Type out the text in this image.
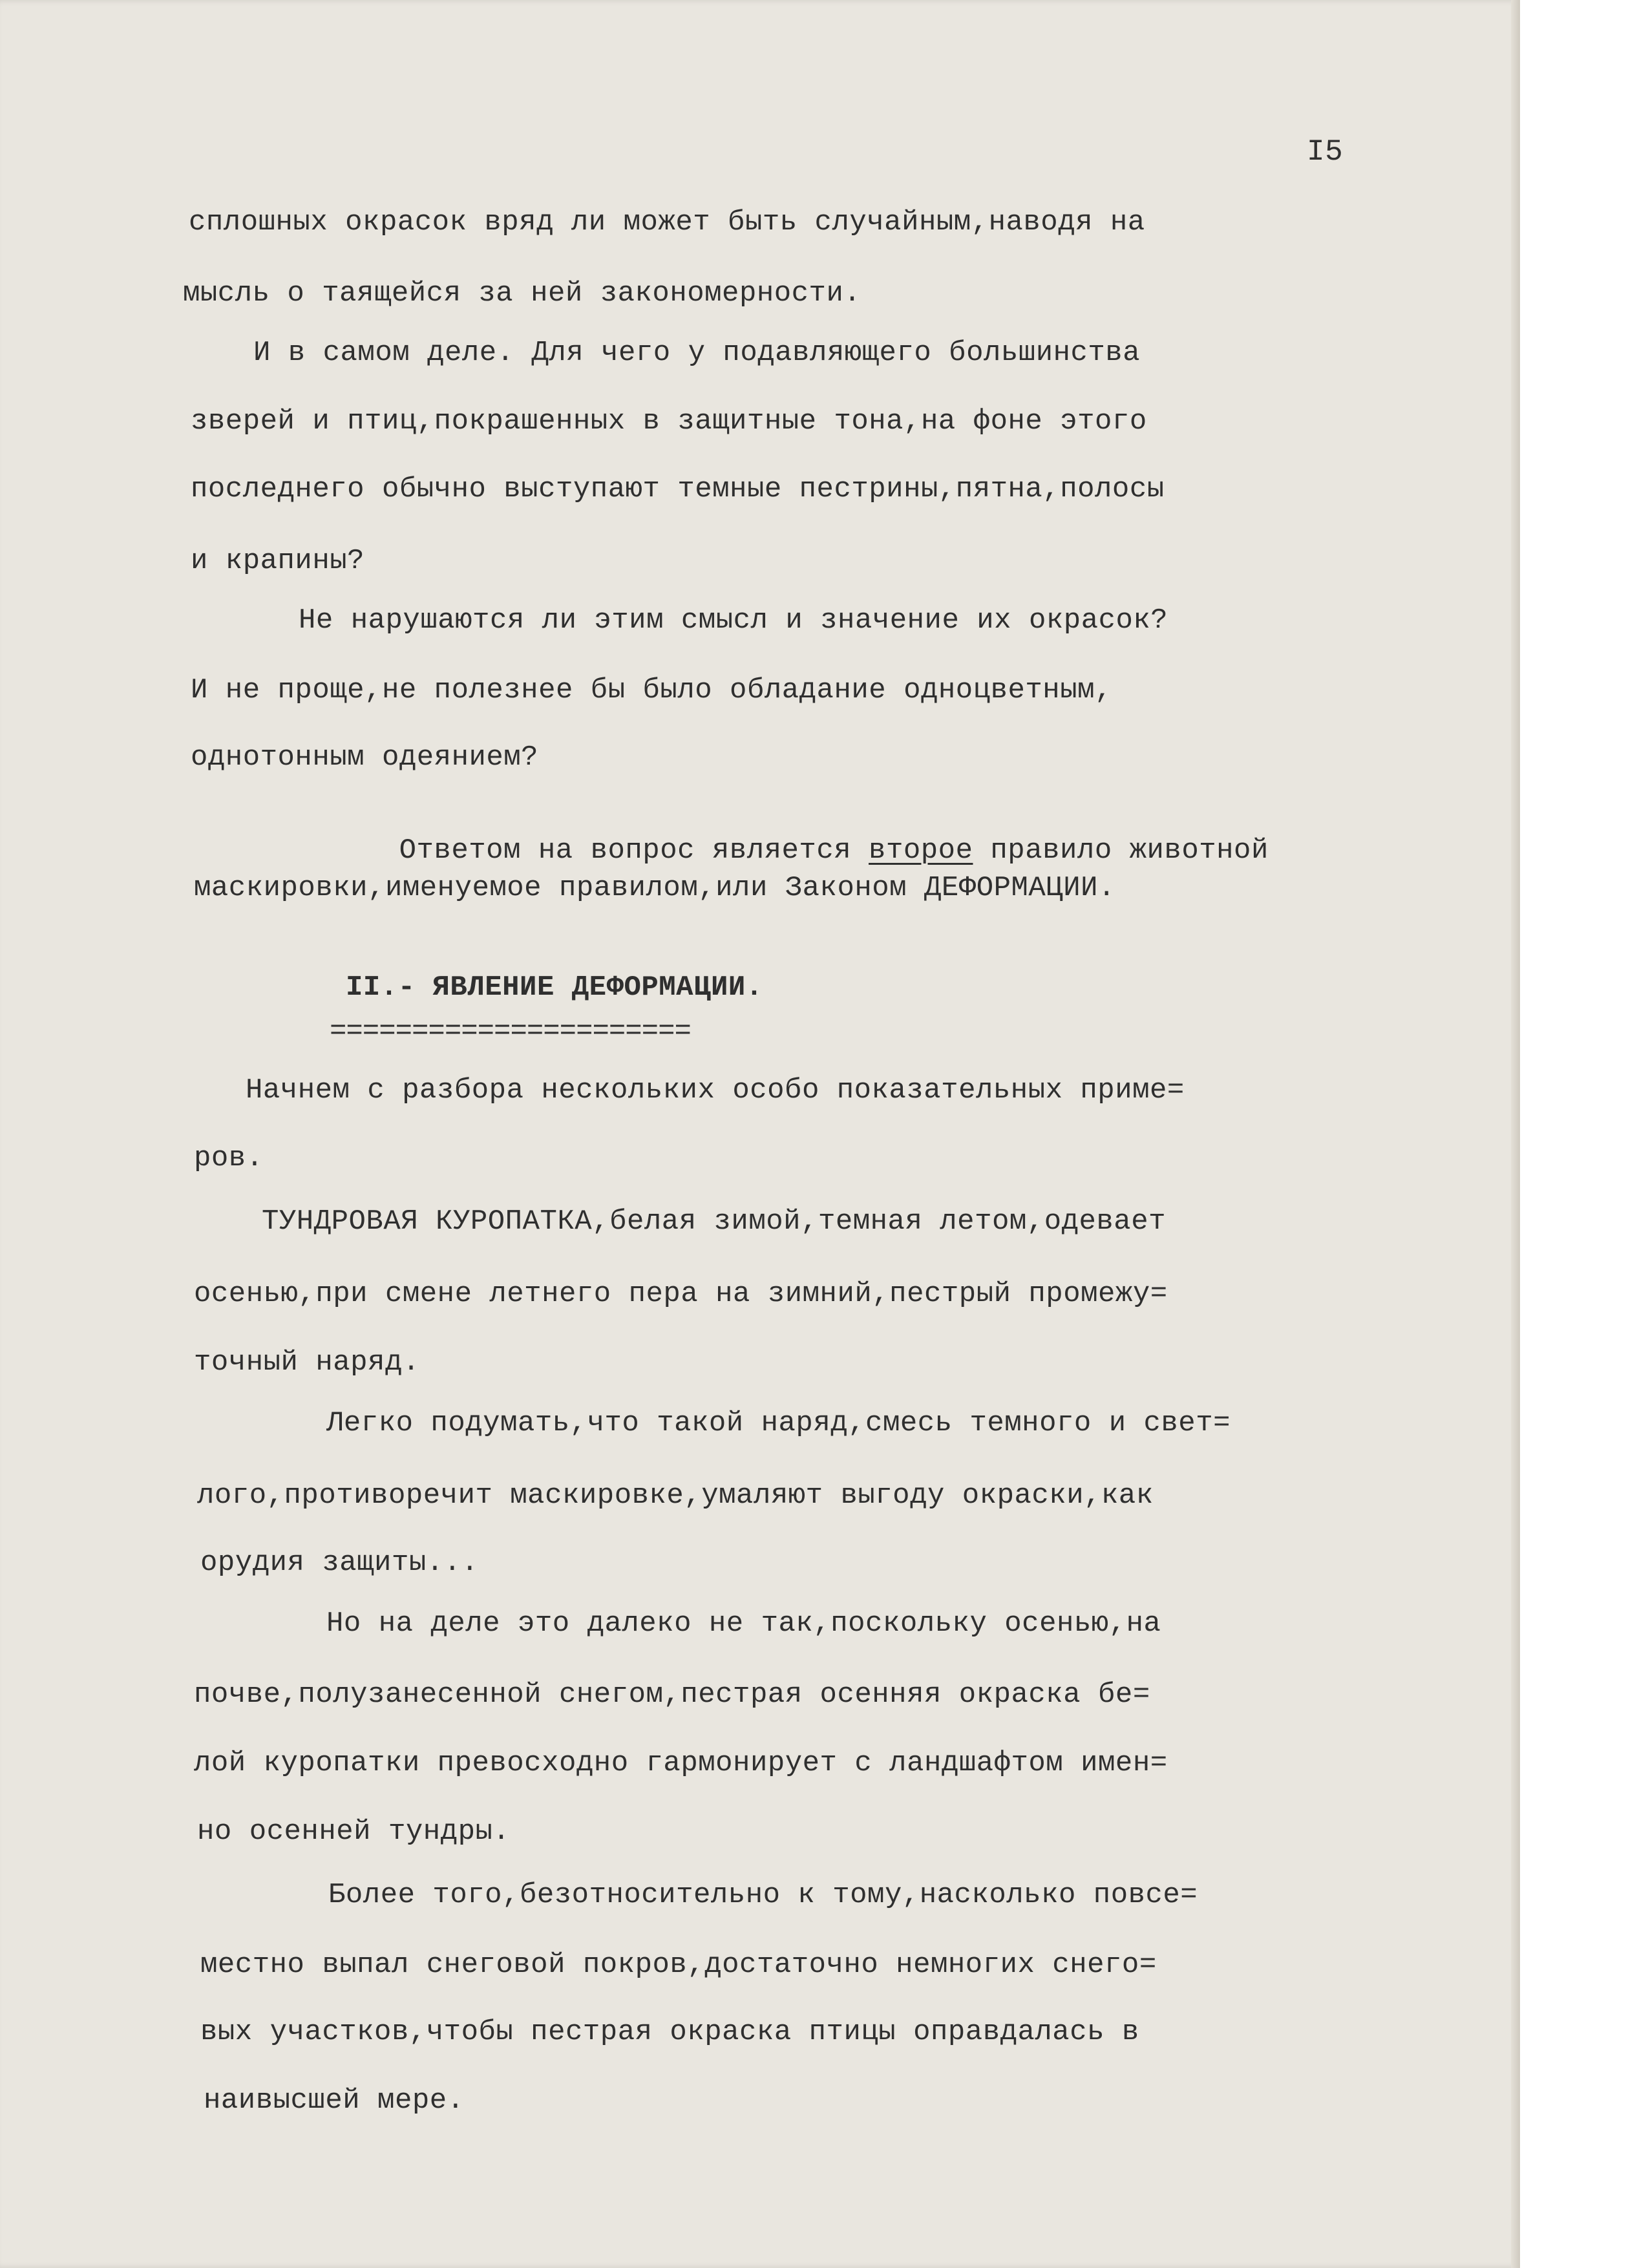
I5
сплошных окрасок вряд ли может быть случайным,наводя на
мысль о таящейся за ней закономерности.
И в самом деле. Для чего у подавляющего большинства
зверей и птиц,покрашенных в защитные тона,на фоне этого
последнего обычно выступают темные пестрины,пятна,полосы
и крапины?
Не нарушаются ли этим смысл и значение их окрасок?
И не проще,не полезнее бы было обладание одноцветным,
однотонным одеянием?

Ответом на вопрос является второе правило животной

маскировки,именуемое правилом,или Законом ДЕФОРМАЦИИ.
II.- ЯВЛЕНИЕ ДЕФОРМАЦИИ.
======================
Начнем с разбора нескольких особо показательных приме=
ров.
ТУНДРОВАЯ КУРОПАТКА,белая зимой,темная летом,одевает
осенью,при смене летнего пера на зимний,пестрый промежу=
точный наряд.
Легко подумать,что такой наряд,смесь темного и свет=
лого,противоречит маскировке,умаляют выгоду окраски,как
орудия защиты...
Но на деле это далеко не так,поскольку осенью,на
почве,полузанесенной снегом,пестрая осенняя окраска бе=
лой куропатки превосходно гармонирует с ландшафтом имен=
но осенней тундры.
Более того,безотносительно к тому,насколько повсе=
местно выпал снеговой покров,достаточно немногих снего=
вых участков,чтобы пестрая окраска птицы оправдалась в
наивысшей мере.
